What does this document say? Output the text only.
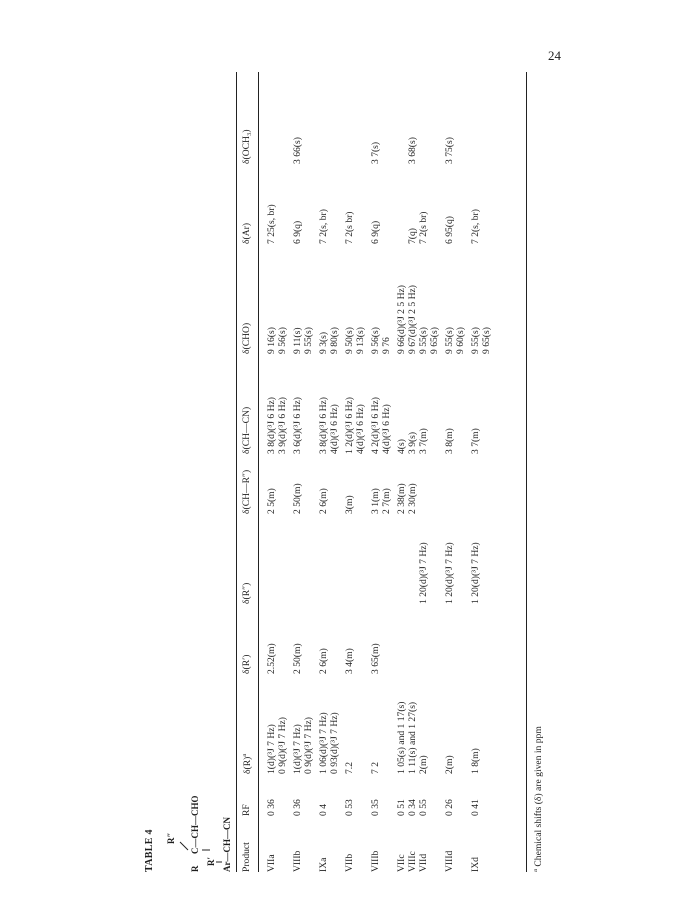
24
TABLE 4 R″
R
C—CH—CHO
R′ Ar—CH—CN Product
RF
$\delta(R)^a$
δ(R′)
δ(R″)
δ(CH—R″)
δ(CH—CN)
δ(CHO)
δ(Ar)
δ(OCH₃)
VIIa
0 36
1(d)(³J 7 Hz) 0 9(d)(³J 7 Hz)
2.52(m)
2 5(m)
3 8(d)(³J 6 Hz) 3 9(d)(³J 6 Hz)
9 16(s) 9 56(s)
7 25(s, br)
VIIIb
0 36
1(d)(³J 7 Hz) 0 9(d)(³J 7 Hz)
2 50(m)
2 50(m)
3 6(d)(³J 6 Hz)
9 11(s) 9 55(s)
6 9(q)
3 66(s)
IXa
0 4
1 06(d)(³J 7 Hz) 0 93(d)(³J 7 Hz)
2 6(m)
2 6(m)
3 8(d)(³J 6 Hz) 4(d)(³J 6 Hz)
9 3(s) 9 80(s)
7 2(s, br)
VIIb
0 53
7.2
3 4(m)
3(m)
1 2(d)(³J 6 Hz) 4(d)(³J 6 Hz)
9 50(s) 9 13(s)
7 2(s br)
VIIIb
0 35
7 2
3 65(m)
3 1(m) 2 7(m)
4 2(d)(³J 6 Hz) 4(d)(³J 6 Hz)
9 56(s) 9 76
6 9(q)
3 7(s)
VIIc
0 51
1 05(s) and 1 17(s)
2 38(m)
4(s)
9 66(d)(³J 2 5 Hz)
VIIIc
0 34
1 11(s) and 1 27(s)
2 30(m)
3 9(s)
9 67(d)(³J 2 5 Hz)
7(q)
3 68(s)
VIId
0 55
2(m)
1 20(d)(³J 7 Hz)
3 7(m)
9 55(s) 9 65(s)
7 2(s br)
VIIId
0 26
2(m)
1 20(d)(³J 7 Hz)
3 8(m)
9 55(s) 9 60(s)
6 95(q)
3 75(s)
IXd
0 41
1 8(m)
1 20(d)(³J 7 Hz)
3 7(m)
9 55(s) 9 65(s)
7 2(s, br)
$^a$ Chemical shifts (δ) are given in ppm
